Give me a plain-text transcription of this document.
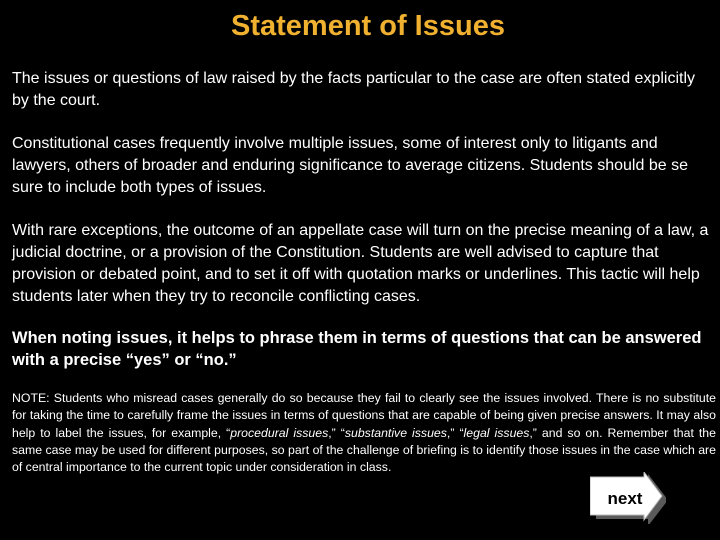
Statement of Issues

The issues or questions of law raised by the facts particular to the case are often stated explicitly by the court.

Constitutional cases frequently involve multiple issues, some of interest only to litigants and lawyers, others of broader and enduring significance to average citizens. Students should be se sure to include both types of issues.

With rare exceptions, the outcome of an appellate case will turn on the precise meaning of a law, a judicial doctrine, or a provision of the Constitution. Students are well advised to capture that provision or debated point, and to set it off with quotation marks or underlines. This tactic will help students later when they try to reconcile conflicting cases.

When noting issues, it helps to phrase them in terms of questions that can be answered with a precise “yes” or “no.”

NOTE: Students who misread cases generally do so because they fail to clearly see the issues involved. There is no substitute for taking the time to carefully frame the issues in terms of questions that are capable of being given precise answers. It may also help to label the issues, for example, “procedural issues,” “substantive issues,” “legal issues,” and so on. Remember that the same case may be used for different purposes, so part of the challenge of briefing is to identify those issues in the case which are of central importance to the current topic under consideration in class.

next
